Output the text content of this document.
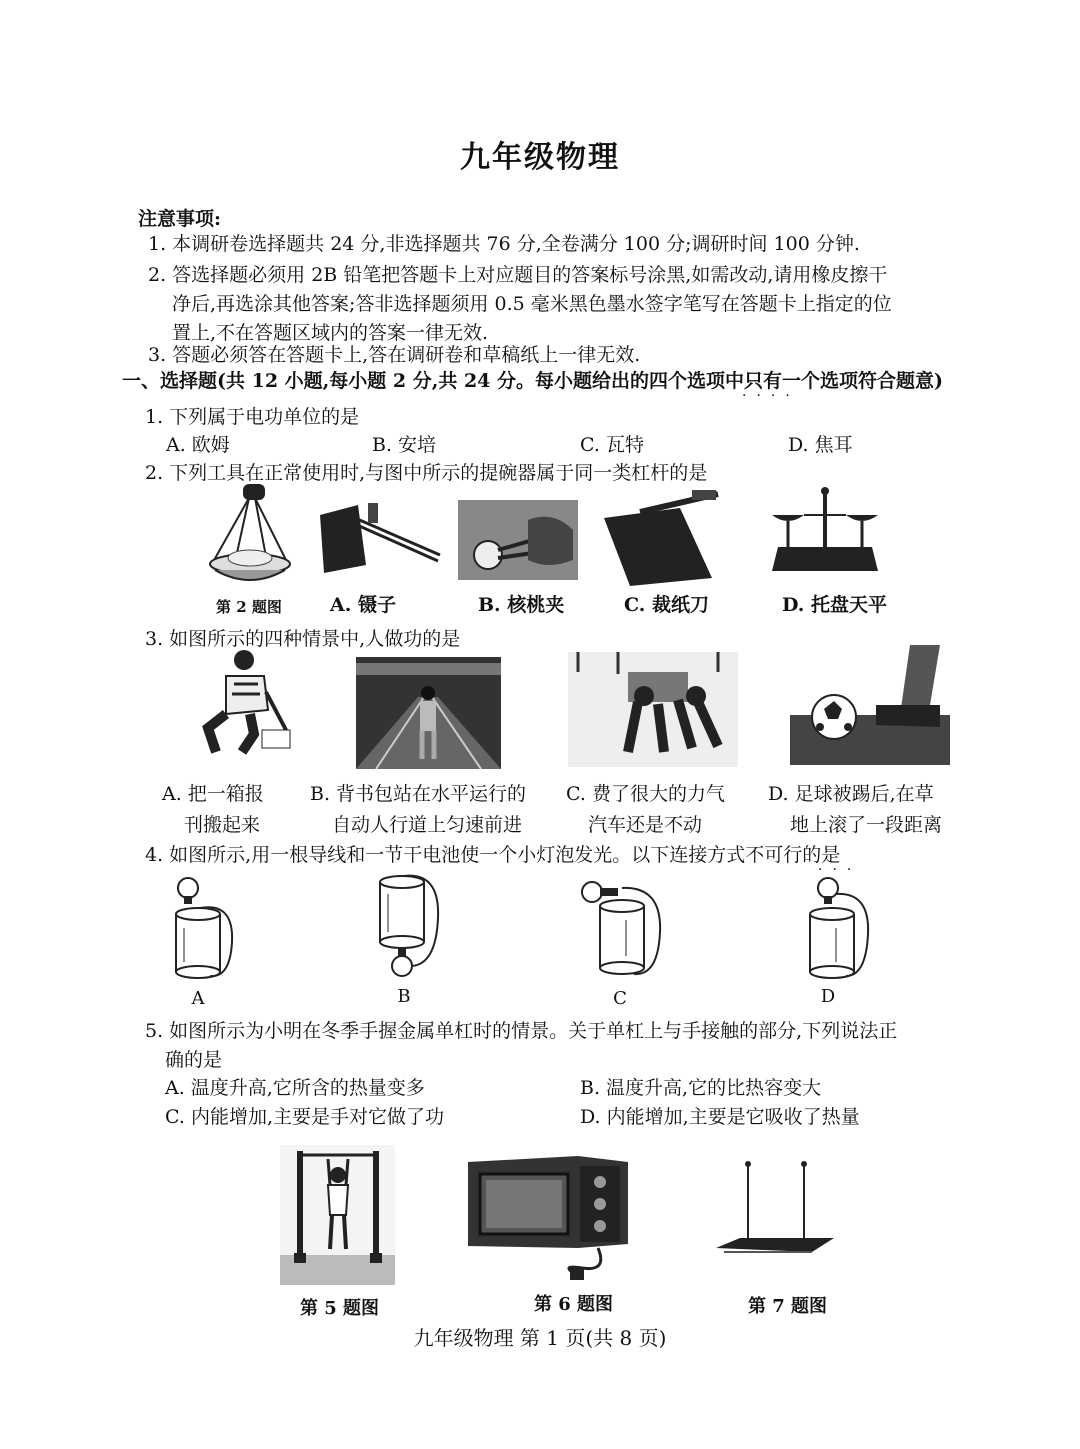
九年级物理
注意事项:
1. 本调研卷选择题共 24 分,非选择题共 76 分,全卷满分 100 分;调研时间 100 分钟.
2. 答选择题必须用 2B 铅笔把答题卡上对应题目的答案标号涂黑,如需改动,请用橡皮擦干
净后,再选涂其他答案;答非选择题须用 0.5 毫米黑色墨水签字笔写在答题卡上指定的位
置上,不在答题区域内的答案一律无效.
3. 答题必须答在答题卡上,答在调研卷和草稿纸上一律无效.
一、选择题(共 12 小题,每小题 2 分,共 24 分。每小题给出的四个选项中只有一个选项符合题意)
····
1. 下列属于电功单位的是
A. 欧姆	B. 安培	C. 瓦特	D. 焦耳
2. 下列工具在正常使用时,与图中所示的提碗器属于同一类杠杆的是
第 2 题图	A. 镊子	B. 核桃夹	C. 裁纸刀	D. 托盘天平
3. 如图所示的四种情景中,人做功的是
A. 把一箱报
刊搬起来
B. 背书包站在水平运行的
自动人行道上匀速前进
C. 费了很大的力气
汽车还是不动
D. 足球被踢后,在草
地上滚了一段距离
4. 如图所示,用一根导线和一节干电池使一个小灯泡发光。以下连接方式不可行的是
···
A	B	C	D
5. 如图所示为小明在冬季手握金属单杠时的情景。关于单杠上与手接触的部分,下列说法正
确的是
A. 温度升高,它所含的热量变多	B. 温度升高,它的比热容变大
C. 内能增加,主要是手对它做了功	D. 内能增加,主要是它吸收了热量
第 5 题图	第 6 题图	第 7 题图
九年级物理 第 1 页(共 8 页)
